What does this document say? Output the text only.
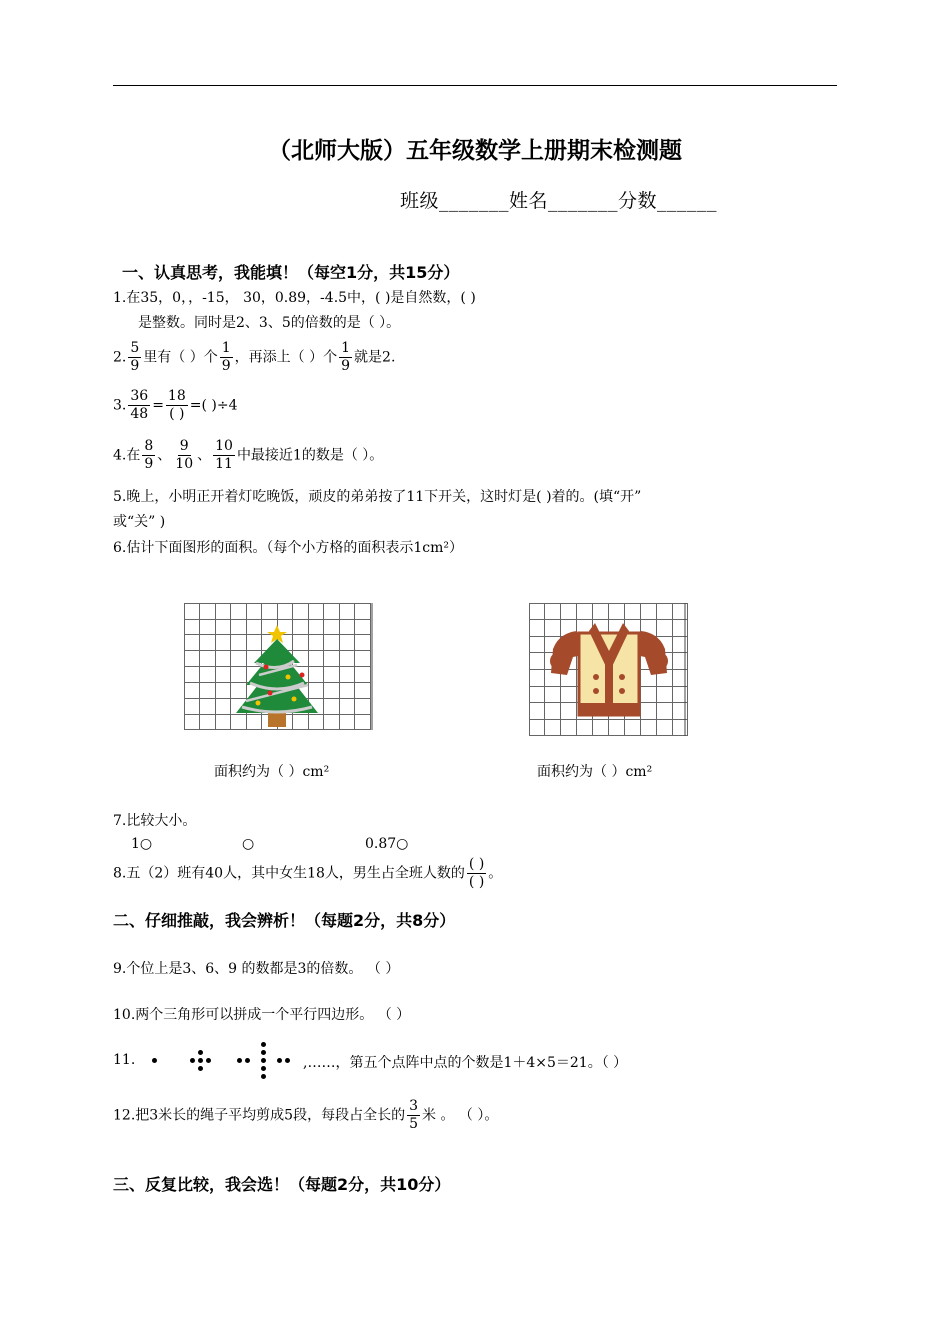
（北师大版）五年级数学上册期末检测题
班级_______姓名_______分数______
一、认真思考，我能填！（每空1分，共15分）
1.在35，0，，-15， 30，0.89，-4.5中，( )是自然数，( )
是整数。同时是2、3、5的倍数的是（ ）。
2. $\frac{5}{9}$ 里有（ ）个 $\frac{1}{9}$ ，再添上（ ）个 $\frac{1}{9}$ 就是2.
3. $\frac{36}{48} = \frac{18}{( )}$ =( )÷4
4.在 $\frac{8}{9}$ 、 $\frac{9}{10}$ 、 $\frac{10}{11}$ 中最接近1的数是（ ）。
5.晚上，小明正开着灯吃晚饭，顽皮的弟弟按了11下开关，这时灯是( )着的。(填“开”
或“关” )
6.估计下面图形的面积。（每个小方格的面积表示1cm²）
面积约为（ ）cm²	面积约为（ ）cm²
7.比较大小。
1○	○	0.87○
8.五（2）班有40人，其中女生18人，男生占全班人数的 $\frac{( )}{( )}$ 。
二、仔细推敲，我会辨析！（每题2分，共8分）
9.个位上是3、6、9 的数都是3的倍数。 （ ）
10.两个三角形可以拼成一个平行四边形。 （ ）
11.	,……，第五个点阵中点的个数是1＋4×5＝21。（ ）
12.把3米长的绳子平均剪成5段，每段占全长的 $\frac{3}{5}$ 米 。 （ ）。
三、反复比较，我会选！（每题2分，共10分）
